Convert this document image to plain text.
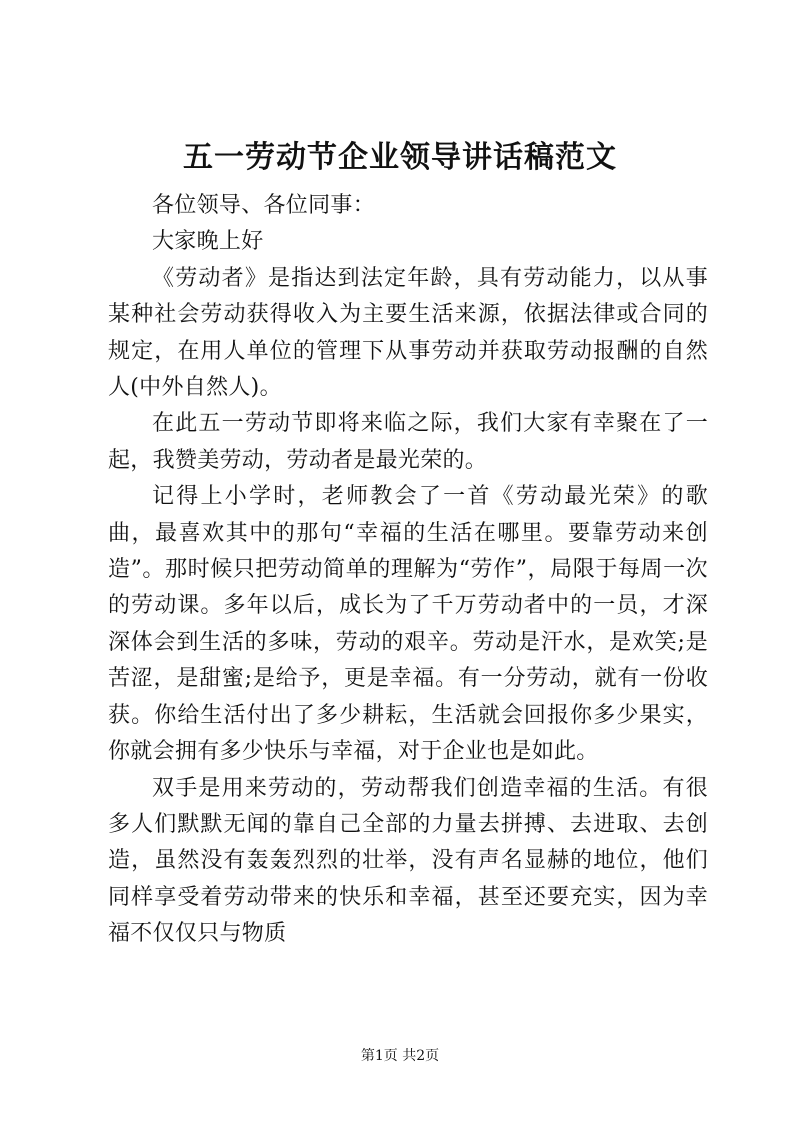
五一劳动节企业领导讲话稿范文

各位领导、各位同事：

大家晚上好

《劳动者》是指达到法定年龄，具有劳动能力，以从事某种社会劳动获得收入为主要生活来源，依据法律或合同的规定，在用人单位的管理下从事劳动并获取劳动报酬的自然人(中外自然人)。

在此五一劳动节即将来临之际，我们大家有幸聚在了一起，我赞美劳动，劳动者是最光荣的。

记得上小学时，老师教会了一首《劳动最光荣》的歌曲，最喜欢其中的那句“幸福的生活在哪里。要靠劳动来创造”。那时候只把劳动简单的理解为“劳作”，局限于每周一次的劳动课。多年以后，成长为了千万劳动者中的一员，才深深体会到生活的多味，劳动的艰辛。劳动是汗水，是欢笑;是苦涩，是甜蜜;是给予，更是幸福。有一分劳动，就有一份收获。你给生活付出了多少耕耘，生活就会回报你多少果实，你就会拥有多少快乐与幸福，对于企业也是如此。

双手是用来劳动的，劳动帮我们创造幸福的生活。有很多人们默默无闻的靠自己全部的力量去拼搏、去进取、去创造，虽然没有轰轰烈烈的壮举，没有声名显赫的地位，他们同样享受着劳动带来的快乐和幸福，甚至还要充实，因为幸福不仅仅只与物质

第1页 共2页
